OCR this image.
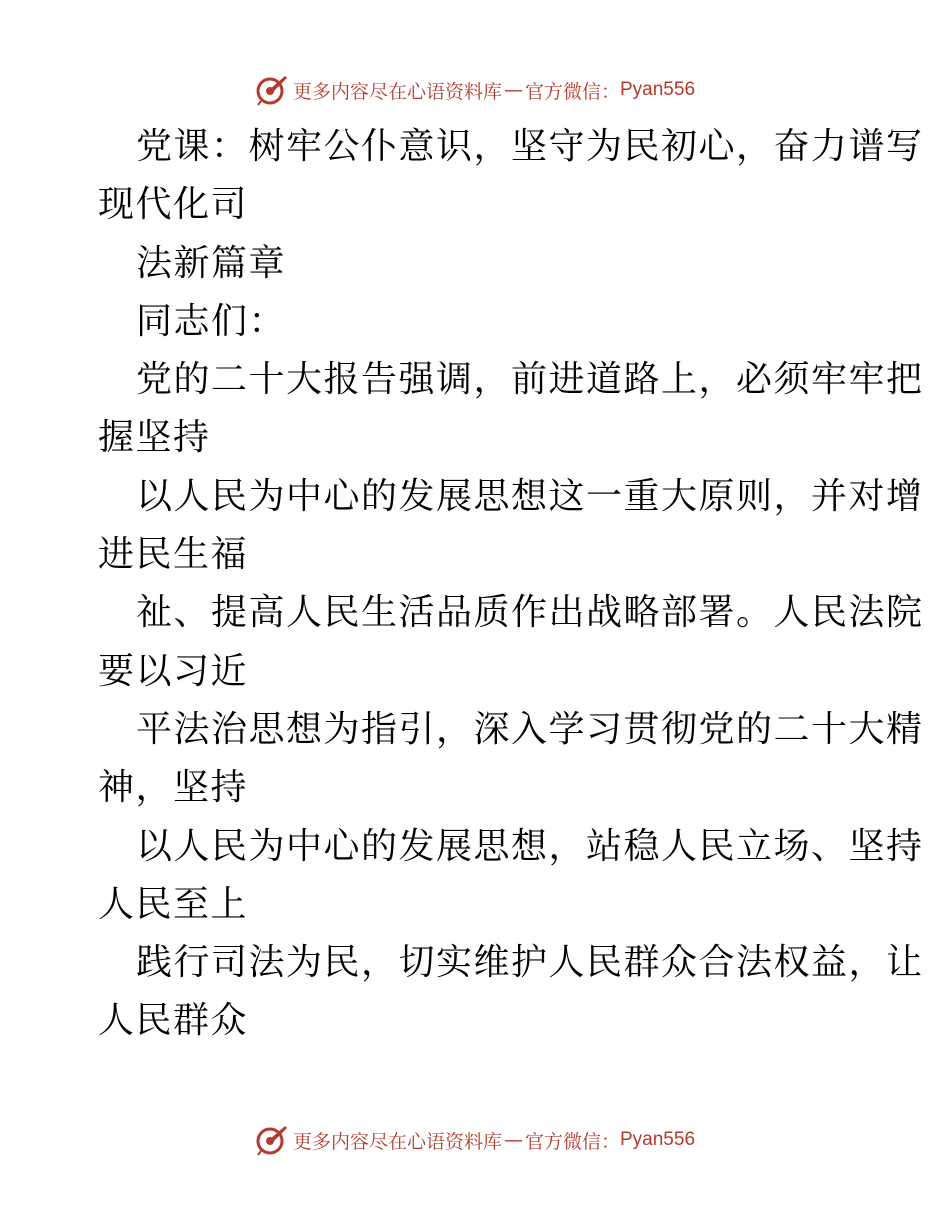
更多内容尽在心语资料库 — 官方微信： Pyan556
党课：树牢公仆意识，坚守为民初心，奋力谱写
现代化司
法新篇章
同志们：
党的二十大报告强调，前进道路上，必须牢牢把
握坚持
以人民为中心的发展思想这一重大原则，并对增
进民生福
祉、提高人民生活品质作出战略部署。人民法院
要以习近
平法治思想为指引，深入学习贯彻党的二十大精
神，坚持
以人民为中心的发展思想，站稳人民立场、坚持
人民至上
践行司法为民，切实维护人民群众合法权益，让
人民群众
更多内容尽在心语资料库 — 官方微信： Pyan556
